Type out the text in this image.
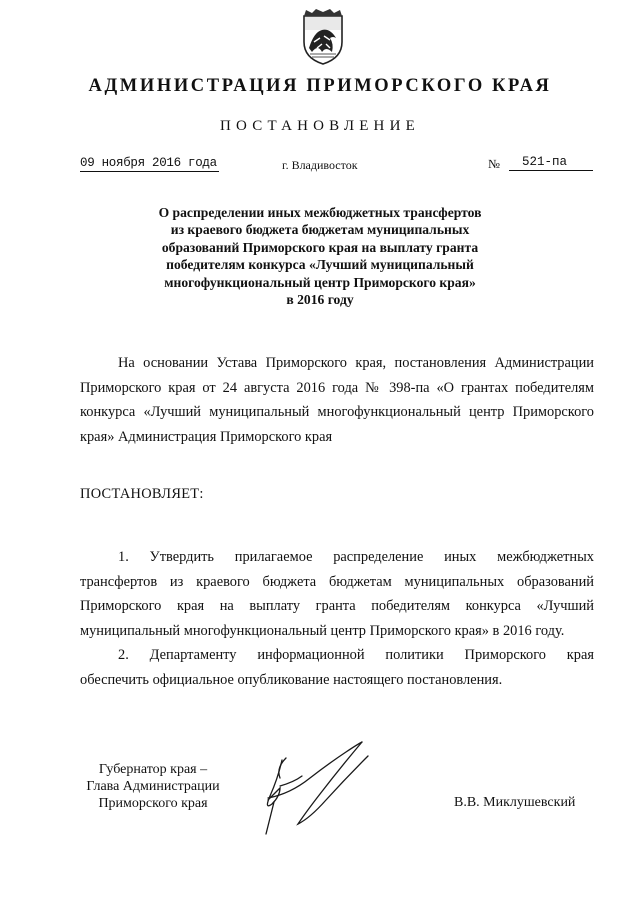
АДМИНИСТРАЦИЯ ПРИМОРСКОГО КРАЯ
ПОСТАНОВЛЕНИЕ
09 ноября 2016 года	г. Владивосток	№	521-па
О распределении иных межбюджетных трансфертов
из краевого бюджета бюджетам муниципальных
образований Приморского края на выплату гранта
победителям конкурса «Лучший муниципальный
многофункциональный центр Приморского края»
в 2016 году
На основании Устава Приморского края, постановления Администрации
Приморского края от 24 августа 2016 года № 398-па «О грантах победителям
конкурса «Лучший муниципальный многофункциональный центр Приморского
края» Администрация Приморского края
ПОСТАНОВЛЯЕТ:
1. Утвердить прилагаемое распределение иных межбюджетных
трансфертов из краевого бюджета бюджетам муниципальных образований
Приморского края на выплату гранта победителям конкурса «Лучший
муниципальный многофункциональный центр Приморского края» в 2016 году.
2. Департаменту информационной политики Приморского края
обеспечить официальное опубликование настоящего постановления.
Губернатор края –
Глава Администрации
Приморского края	В.В. Миклушевский
